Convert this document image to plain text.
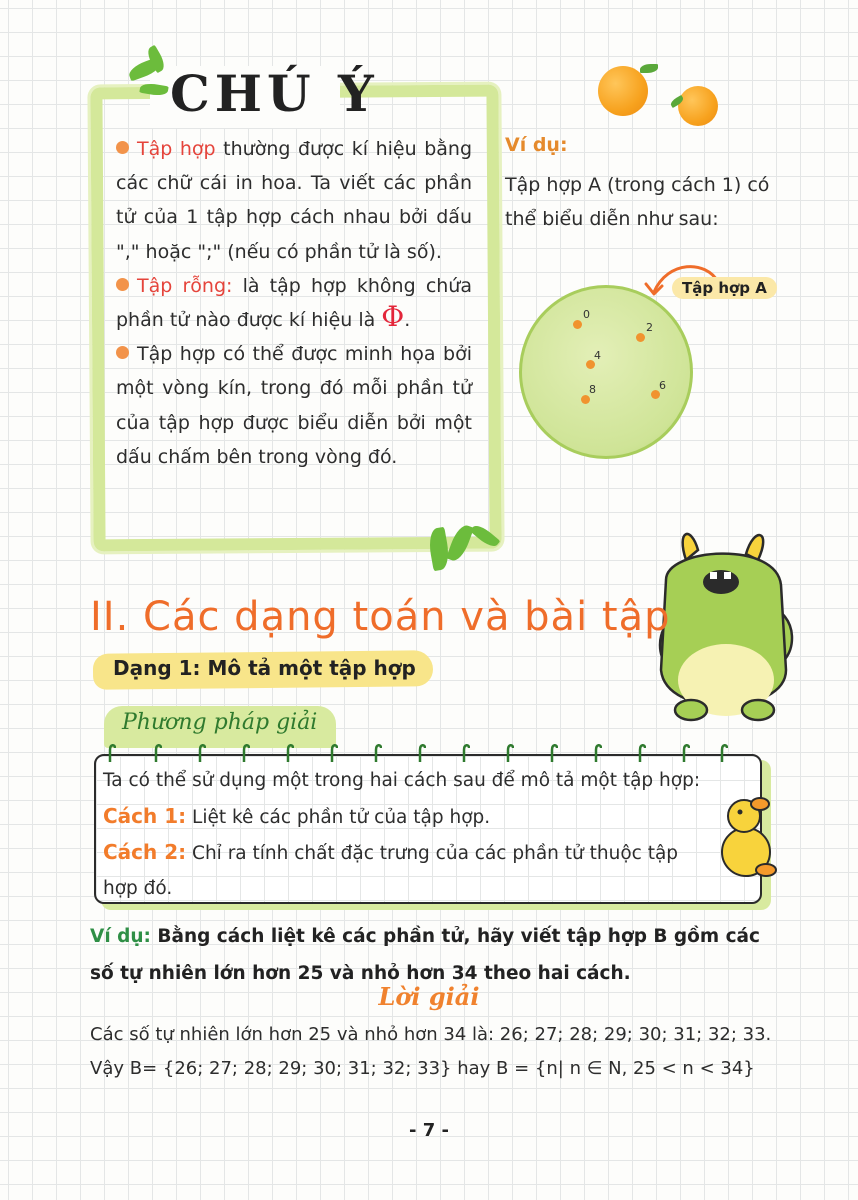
CHÚ Ý

Tập hợp thường được kí hiệu bằng các chữ cái in hoa. Ta viết các phần tử của 1 tập hợp cách nhau bởi dấu "," hoặc ";" (nếu có phần tử là số).

Tập rỗng: là tập hợp không chứa phần tử nào được kí hiệu là Φ.

Tập hợp có thể được minh họa bởi một vòng kín, trong đó mỗi phần tử của tập hợp được biểu diễn bởi một dấu chấm bên trong vòng đó.

Ví dụ:
Tập hợp A (trong cách 1) có thể biểu diễn như sau:
Tập hợp A
0
2
4
8	6
II. Các dạng toán và bài tập
Dạng 1: Mô tả một tập hợp
Phương pháp giải

Ta có thể sử dụng một trong hai cách sau để mô tả một tập hợp:

Cách 1: Liệt kê các phần tử của tập hợp.

Cách 2: Chỉ ra tính chất đặc trưng của các phần tử thuộc tập hợp đó.

Ví dụ: Bằng cách liệt kê các phần tử, hãy viết tập hợp B gồm các số tự nhiên lớn hơn 25 và nhỏ hơn 34 theo hai cách.
Lời giải

Các số tự nhiên lớn hơn 25 và nhỏ hơn 34 là: 26; 27; 28; 29; 30; 31; 32; 33.

Vậy B= {26; 27; 28; 29; 30; 31; 32; 33} hay B = {n| n ∈ N, 25 < n < 34}

- 7 -
